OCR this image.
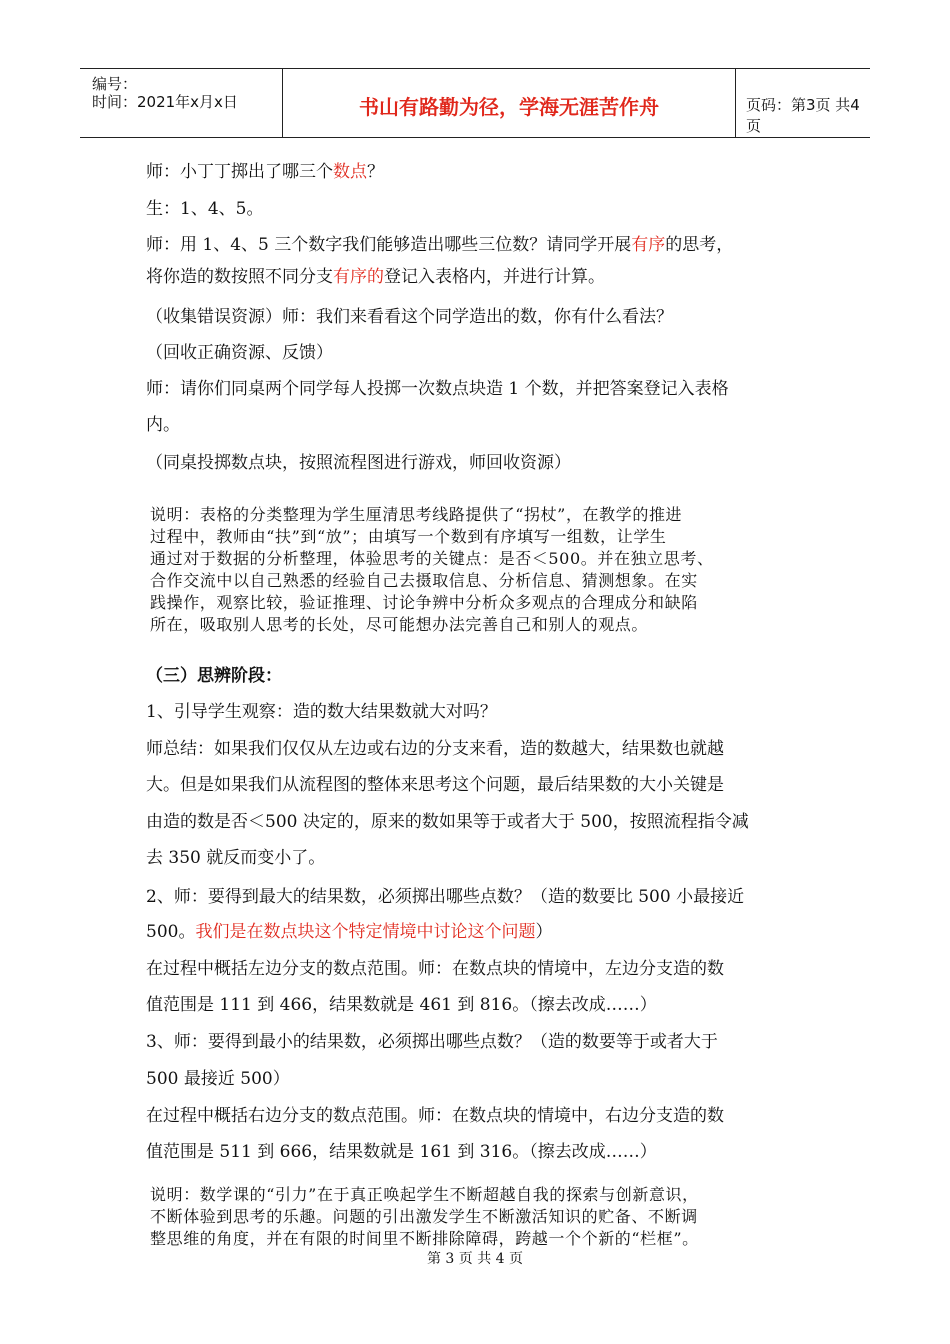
编号：
时间：2021年x月x日	书山有路勤为径，学海无涯苦作舟	页码：第3页 共4页
师：小丁丁掷出了哪三个数点？
生：1、4、5。
师：用 1、4、5 三个数字我们能够造出哪些三位数？请同学开展有序的思考，
将你造的数按照不同分支有序的登记入表格内，并进行计算。
（收集错误资源）师：我们来看看这个同学造出的数，你有什么看法？
（回收正确资源、反馈）
师：请你们同桌两个同学每人投掷一次数点块造 1 个数，并把答案登记入表格
内。
（同桌投掷数点块，按照流程图进行游戏，师回收资源）
说明：表格的分类整理为学生厘清思考线路提供了“拐杖”，在教学的推进
过程中，教师由“扶”到“放”；由填写一个数到有序填写一组数，让学生
通过对于数据的分析整理，体验思考的关键点：是否＜500。并在独立思考、
合作交流中以自己熟悉的经验自己去摄取信息、分析信息、猜测想象。在实
践操作，观察比较，验证推理、讨论争辨中分析众多观点的合理成分和缺陷
所在，吸取别人思考的长处，尽可能想办法完善自己和别人的观点。
（三）思辨阶段：
1、引导学生观察：造的数大结果数就大对吗？
师总结：如果我们仅仅从左边或右边的分支来看，造的数越大，结果数也就越
大。但是如果我们从流程图的整体来思考这个问题，最后结果数的大小关键是
由造的数是否＜500 决定的，原来的数如果等于或者大于 500，按照流程指令减
去 350 就反而变小了。
2、师：要得到最大的结果数，必须掷出哪些点数？（造的数要比 500 小最接近
500。我们是在数点块这个特定情境中讨论这个问题）
在过程中概括左边分支的数点范围。师：在数点块的情境中，左边分支造的数
值范围是 111 到 466，结果数就是 461 到 816。（擦去改成……）
3、师：要得到最小的结果数，必须掷出哪些点数？（造的数要等于或者大于
500 最接近 500）
在过程中概括右边分支的数点范围。师：在数点块的情境中，右边分支造的数
值范围是 511 到 666，结果数就是 161 到 316。（擦去改成……）
说明：数学课的“引力”在于真正唤起学生不断超越自我的探索与创新意识，
不断体验到思考的乐趣。问题的引出激发学生不断激活知识的贮备、不断调
整思维的角度，并在有限的时间里不断排除障碍，跨越一个个新的“栏框”。
第 3 页 共 4 页
